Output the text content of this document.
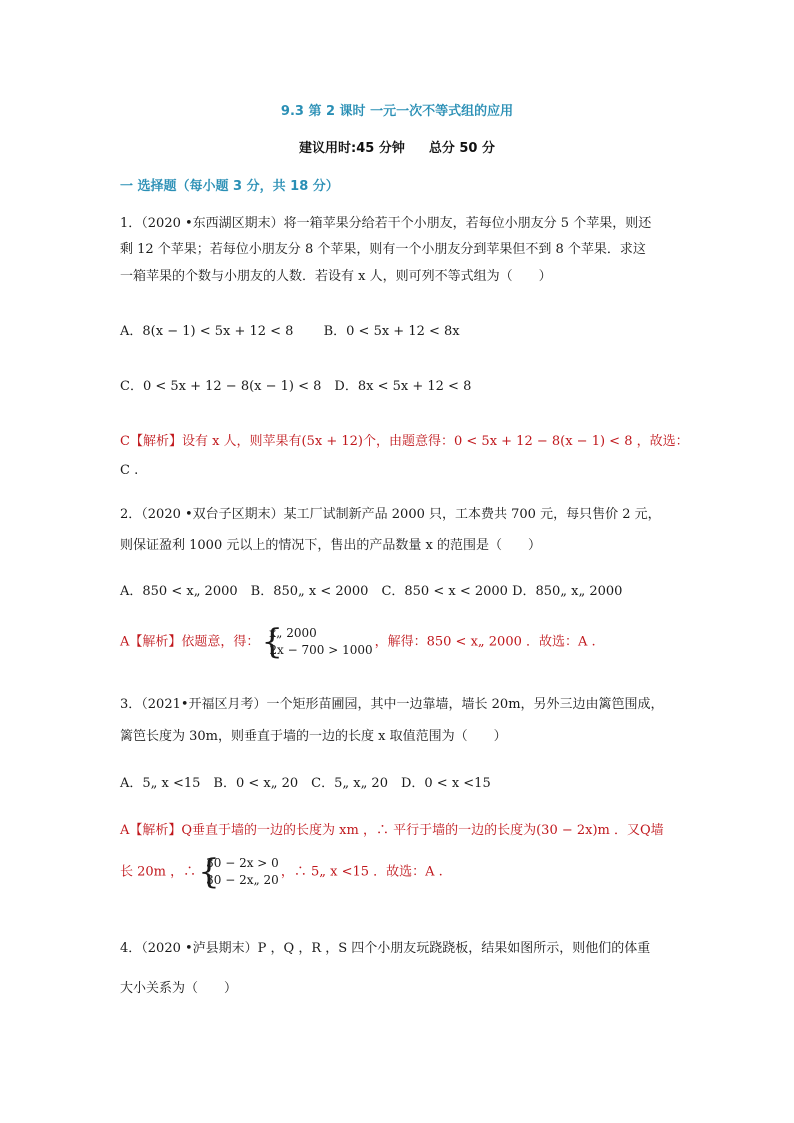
9.3 第 2 课时 一元一次不等式组的应用
建议用时:45 分钟 总分 50 分
一 选择题（每小题 3 分，共 18 分）
1．（2020 •东西湖区期末）将一箱苹果分给若干个小朋友，若每位小朋友分 5 个苹果，则还
剩 12 个苹果；若每位小朋友分 8 个苹果，则有一个小朋友分到苹果但不到 8 个苹果．求这
一箱苹果的个数与小朋友的人数．若设有 x 人，则可列不等式组为（　　）
A．8(x − 1) < 5x + 12 < 8　　 B．0 < 5x + 12 < 8x
C．0 < 5x + 12 − 8(x − 1) < 8　D．8x < 5x + 12 < 8
C【解析】设有 x 人，则苹果有(5x + 12)个，由题意得：0 < 5x + 12 − 8(x − 1) < 8 ，故选：
C .
2．（2020 •双台子区期末）某工厂试制新产品 2000 只，工本费共 700 元，每只售价 2 元，
则保证盈利 1000 元以上的情况下，售出的产品数量 x 的范围是（　　）
A．850 < x„ 2000　B．850„ x < 2000　C．850 < x < 2000 D．850„ x„ 2000
A【解析】依题意，得： {
x„ 2000
2x − 700 > 1000
，解得：850 < x„ 2000 ．故选：A .
3．（2021•开福区月考）一个矩形苗圃园，其中一边靠墙，墙长 20m，另外三边由篱笆围成，
篱笆长度为 30m，则垂直于墙的一边的长度 x 取值范围为（　　）
A．5„ x <15　B．0 < x„ 20　C．5„ x„ 20　D．0 < x <15
A【解析】Q垂直于墙的一边的长度为 xm ，∴ 平行于墙的一边的长度为(30 − 2x)m ．又Q墙
长 20m ，∴ {
30 − 2x > 0
30 − 2x„ 20
，∴ 5„ x <15 ．故选：A .
4．（2020 •泸县期末）P ，Q ，R ，S 四个小朋友玩跷跷板，结果如图所示，则他们的体重
大小关系为（　　）
